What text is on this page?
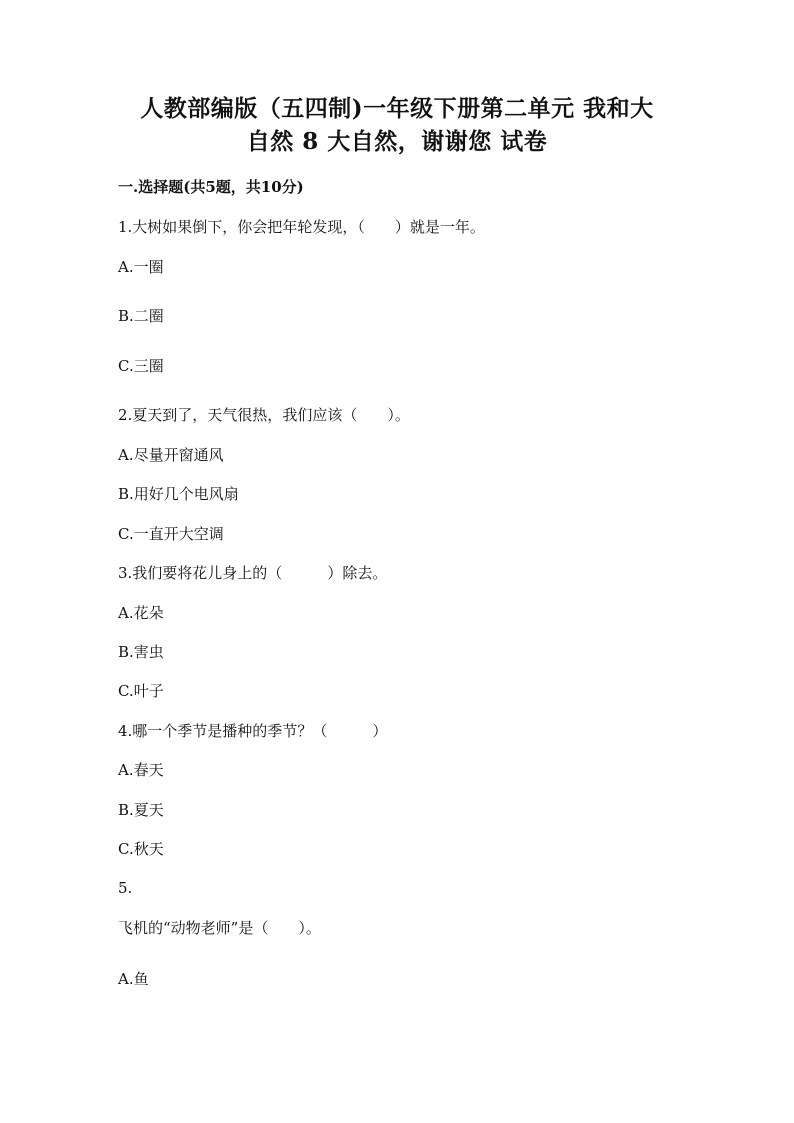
人教部编版（五四制)一年级下册第二单元 我和大
自然 8 大自然，谢谢您 试卷
一.选择题(共5题，共10分)
1.大树如果倒下，你会把年轮发现，（　　）就是一年。
A.一圈
B.二圈
C.三圈
2.夏天到了，天气很热，我们应该（　　）。
A.尽量开窗通风
B.用好几个电风扇
C.一直开大空调
3.我们要将花儿身上的（　　　）除去。
A.花朵
B.害虫
C.叶子
4.哪一个季节是播种的季节？（　　　）
A.春天
B.夏天
C.秋天
5.
飞机的“动物老师”是（　　）。
A.鱼
